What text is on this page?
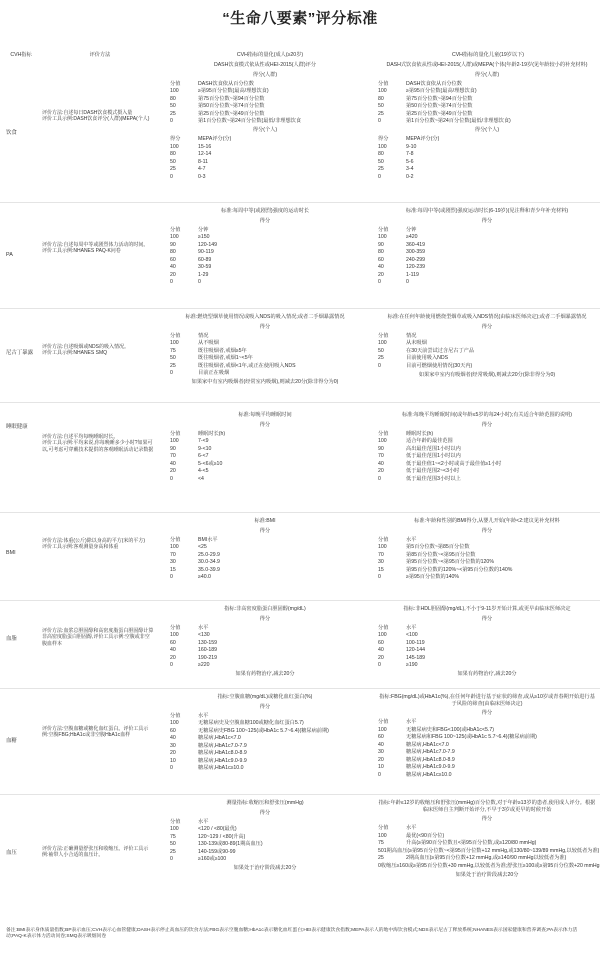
“生命八要素”评分标准
CVH指标	评价方法	CVH指标的量化(成人(≥20岁)	CVH指标的量化儿童(19岁以下)
饮食
评价方法:自述每日DASH饮食模式摄入量
评价工具示例:DASH饮食评分(人群)(MEPA(个人)
DASH饮食模式依从性或HEI-2015(人群)评分
得分(人群)
分值	DASH饮食依从百分位数
100	≥第95百分位数(最高/理想饮食)
80	第75百分位数~第94百分位数
50	第50百分位数~第74百分位数
25	第25百分位数~第49百分位数
0	第1百分位数~第24百分位数(最低/非理想饮食
得分(个人)
得分	MEPA评分(分)
100	15-16
80	12-14
50	8-11
25	4-7
0	0-3
DASH式饮食依从性或HEI-2015(人群)或MEPA(个体(年龄2-19岁(见年龄较小的补充材料)
得分(人群)
分值	DASH饮食依从百分位数
100	≥第95百分位数(最高/理想饮食)
80	第75百分位数~第94百分位数
50	第50百分位数~第74百分位数
25	第25百分位数~第49百分位数
0	第1百分位数~第24百分位数(最低/非理想饮食)
得分(个人)
得分	MEPA评分(分)
100	9-10
80	7-8
50	5-6
25	3-4
0	0-2
PA
评价方法:自述每周中等或剧烈体力活动的时间。
评价工具示例:NHANES PAQ-K问卷
标准:每周中等(或剧烈)强度的运动时长
得分
分值	分钟
100	≥150
90	120-149
80	90-119
60	60-89
40	30-59
20	1-29
0	0
标准:每周中等(或剧烈)强度运动时长(6-19岁)(见注释和青少年补充材料)
得分
分值	分钟
100	≥420
90	360-419
80	300-359
60	240-299
40	120-239
20	1-119
0	0
尼古丁暴露
评价方法:自述吸烟或NDS的吸入情况。
评价工具示例:NHANES SMQ
标准:燃烧型烟草使用情况或吸入NDS的吸入情况;或者二手烟暴露情况
得分
分值	情况
100	从不吸烟
75	既往吸烟者,戒烟≥5年
50	既往吸烟者,戒烟1~<5年
25	既往吸烟者,戒烟<1年,或正在使用吸入NDS
0	目前正在吸烟
如果家中有室内吸烟者(经常室内吸烟),则减去20分(除非得分为0)
标准:在任何年龄使用燃烧型烟草或吸入NDS情况(由临床医师决定);或者二手烟暴露情况
得分
分值	情况
100	从未吸烟
50	在30天前尝试过含尼古丁产品
25	目前使用吸入NDS
0	目前可燃烟使用情况(30天内)
如果家中室内有吸烟者(经常吸烟),则减去20分(除非得分为0)
睡眠健康
评价方法:自述平均每晚睡眠时长。
评价工具示例:平均来说,你每晚睡多少小时?如果可以,可考虑可穿戴技术提供的客观睡眠活动记录数据
标准:每晚平均睡眠时间
得分
分值	睡眠时长(h)
100	7-<9
90	9-<10
70	6-<7
40	5-<6或≥10
20	4-<5
0	<4
标准:每晚平均睡眠时间(或年龄≤5岁的每24小时);有关适合年龄范围的说明)
得分
分值	睡眠时长(h)
100	适合年龄的最佳范围
90	高出最佳范围1小时以内
70	低于最佳范围1小时以内
40	低于最佳值1~<2小时或高于最佳值≥1小时
20	低于最佳范围2~<3小时
0	低于最佳范围3小时以上
BMI
评价方法:体重(公斤)除以身高的平方(米的平方)
评价工具示例:客观测量身高和体重
标准:BMI
得分
分值	BMI水平
100	<25
70	25.0-29.9
30	30.0-34.9
15	35.0-39.9
0	≥40.0
标准:年龄和性别的BMI得分,从婴儿开始(年龄<2:建议见补充材料
得分
分值	水平
100	第5百分位数~第85百分位数
70	第85百分位数~<第95百分位数
30	第95百分位数~<第95百分位数的120%
15	第95百分位数的120%~<第95百分位数的140%
0	≥第95百分位数的140%
血脂
评价方法:血浆总胆固醇和高密度脂蛋白胆固醇计算非高密度脂蛋白胆固醇,评价工具示例:空腹或非空腹血样本
指标:非高密度脂蛋白胆固醇(mg/dL)
得分
分值	水平
100	<130
60	130-159
40	160-189
20	190-219
0	≥220
如果有药物治疗,减去20分
指标:非HDL胆固醇(mg/dL),不小于9-11岁开始计算,或更早由临床医师决定
得分
分值	水平
100	<100
60	100-119
40	120-144
20	145-189
0	≥190
如果有药物治疗,减去20分
血糖
评价方法:空腹血糖或糖化血红蛋白。评价工具示例:空腹FBG;HbA1c或非空腹HbA1c血样
指标:空腹血糖(mg/dL)或糖化血红蛋白(%)
得分
分值	水平
100	无糖尿病史及空腹血糖100或糖化血红蛋白5.7)
60	无糖尿病史FBG 100~125(或HbA1c 5.7~6.4)(糖尿病前期)
40	糖尿病,HbA1c<7.0
30	糖尿病,HbA1c7.0-7.9
20	糖尿病,HbA1c8.0-8.9
10	糖尿病,HbA1c9.0-9.9
0	糖尿病,HbA1c≥10.0
指标:FBG(mg/dL)或HbA1c(%),在任何年龄进行基于症状的筛查,或从≥10岁或青春期开始进行基于风险的筛查(由临床医师决定)
得分
分值	水平
100	无糖尿病史和FBG<100(或HbA1c<5.7)
60	无糖尿病和FBG 100~125(或HbA1c 5.7~6.4)(糖尿病前期)
40	糖尿病,HbA1c<7.0
30	糖尿病,HbA1c7.0-7.9
20	糖尿病,HbA1c8.0-8.9
10	糖尿病,HbA1c9.0-9.9
0	糖尿病,HbA1c≥10.0
血压
评价方法:正确测量舒张压和收缩压。评价工具示例:袖带人小合适的血压计。
测量指标:收缩压和舒张压(mmHg)
得分
分值	水平
100	<120 / <80(最优)
75	120~129 / <80(升高)
50	130-139或80-89(1期高血压)
25	140-159或90-99
0	≥160或≥100
如果处于治疗阶段减去20分
指标:年龄≤12岁的收缩压和舒张压(mmHg)百分位数,对于年龄≥13岁的患者,使用成人评分。根据临床医师自主判断开始评分,不早于3岁或更早的时候开始
得分
分值	水平
100	最优(<90百分位)
75	升高(≥第90百分位数且<第95百分位数,或≥120/80 mmHg)
50 1期高血压(≥第95百分位数~<第95百分位数+12 mmHg,或130/80~139/89 mmHg,以较低者为准)
25	2期高血压(≥第95百分位数+12 mmHg,或≥140/90 mmHg以较低者为准)
0 收缩压≥160或≥第95百分位数+30 mmHg,以较低者为准;舒张压≥100或≥第95百分位数+20 mmHg
如果处于治疗阶段减去20分
备注:BMI表示身体质量指数;BP表示血压;CVH表示心血管健康;DASH表示停止高血压的饮食方法;FBG表示空腹血糖;HbA1c表示糖化血红蛋白;HEI表示健康饮食指数;MEPA表示人的地中海饮食模式;NDS表示尼古丁释放系统;NHANES表示国家健康和营养调查;PA表示体力活动;PAQ-K表示体力活动问卷;SMQ表示吸烟问卷
